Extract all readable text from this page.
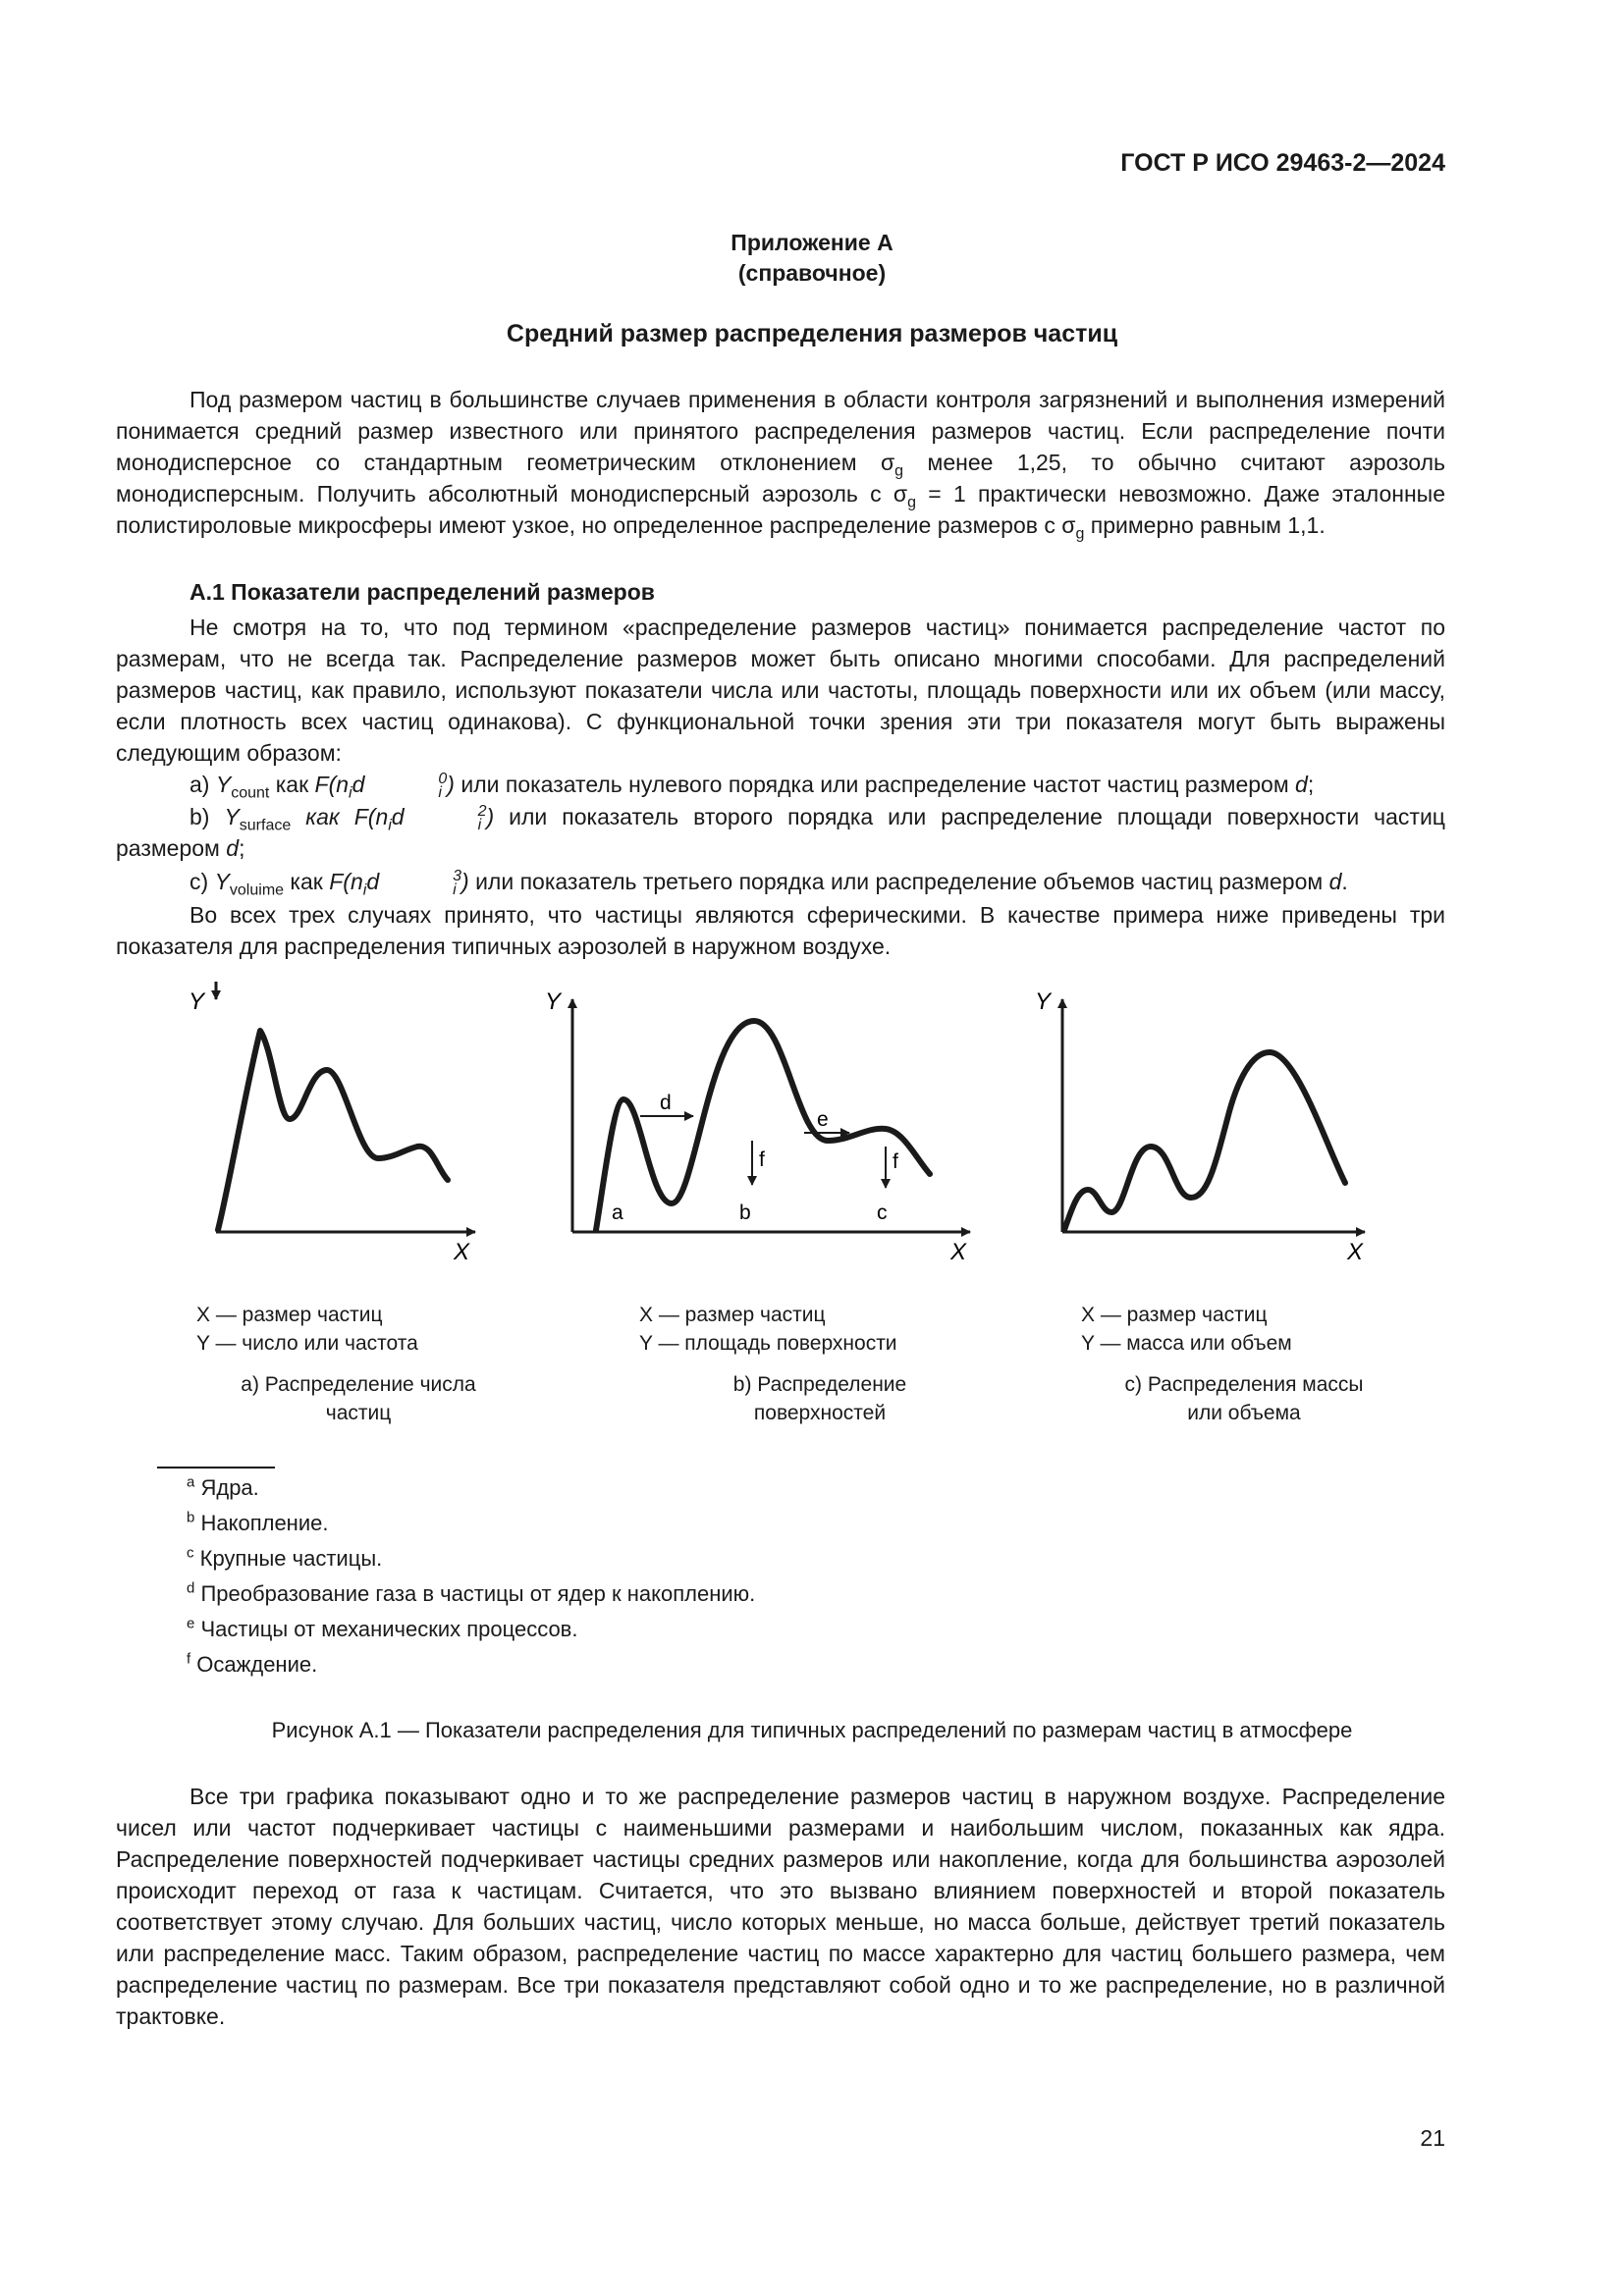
ГОСТ Р ИСО 29463-2—2024
Приложение А
(справочное)
Средний размер распределения размеров частиц
Под размером частиц в большинстве случаев применения в области контроля загрязнений и выполнения измерений понимается средний размер известного или принятого распределения размеров частиц. Если распределение почти монодисперсное со стандартным геометрическим отклонением $\sigma_g$ менее 1,25, то обычно считают аэрозоль монодисперсным. Получить абсолютный монодисперсный аэрозоль с $\sigma_g = 1$ практически невозможно. Даже эталонные полистироловые микросферы имеют узкое, но определенное распределение размеров с $\sigma_g$ примерно равным 1,1.
А.1 Показатели распределений размеров
Не смотря на то, что под термином «распределение размеров частиц» понимается распределение частот по размерам, что не всегда так. Распределение размеров может быть описано многими способами. Для распределений размеров частиц, как правило, используют показатели числа или частоты, площадь поверхности или их объем (или массу, если плотность всех частиц одинакова). С функциональной точки зрения эти три показателя могут быть выражены следующим образом:
a) $Y_{count}$ как $F(n_id$	0
i ) или показатель нулевого порядка или распределение частот частиц размером d;
b) $Y_{surface}$ как $F(n_id$	2
i ) или показатель второго порядка или распределение площади поверхности частиц размером d;
c) $Y_{voluime}$ как $F(n_id$	3
i ) или показатель третьего порядка или распределение объемов частиц размером d.
Во всех трех случаях принято, что частицы являются сферическими. В качестве примера ниже приведены три показателя для распределения типичных аэрозолей в наружном воздухе.
Y
X
Y
X
d
e
f	f
a	b	c
Y
X
X — размер частиц
Y — число или частота
X — размер частиц
Y — площадь поверхности
X — размер частиц
Y — масса или объем
a) Распределение числа
частиц
b) Распределение
поверхностей
c) Распределения массы
или объема
$^a$ Ядра.
$^b$ Накопление.
$^c$ Крупные частицы.
$^d$ Преобразование газа в частицы от ядер к накоплению.
$^e$ Частицы от механических процессов.
$^f$ Осаждение.
Рисунок А.1 — Показатели распределения для типичных распределений по размерам частиц в атмосфере
Все три графика показывают одно и то же распределение размеров частиц в наружном воздухе. Распределение чисел или частот подчеркивает частицы с наименьшими размерами и наибольшим числом, показанных как ядра. Распределение поверхностей подчеркивает частицы средних размеров или накопление, когда для большинства аэрозолей происходит переход от газа к частицам. Считается, что это вызвано влиянием поверхностей и второй показатель соответствует этому случаю. Для больших частиц, число которых меньше, но масса больше, действует третий показатель или распределение масс. Таким образом, распределение частиц по массе характерно для частиц большего размера, чем распределение частиц по размерам. Все три показателя представляют собой одно и то же распределение, но в различной трактовке.
21
